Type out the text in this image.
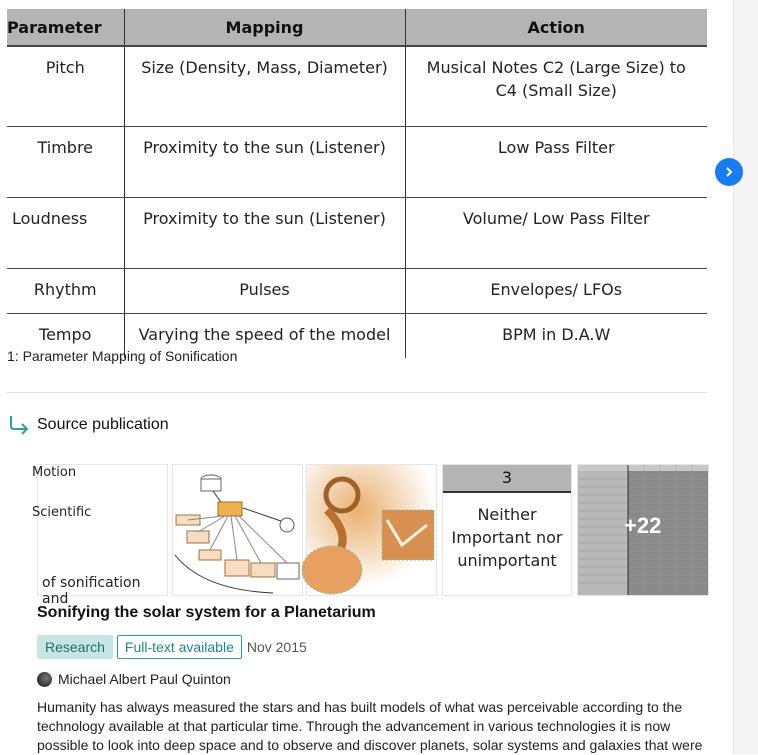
Parameter	Mapping	Action
Pitch	Size (Density, Mass, Diameter)	Musical Notes C2 (Large Size) to C4 (Small Size)
Timbre	Proximity to the sun (Listener)	Low Pass Filter
Loudness	Proximity to the sun (Listener)	Volume/ Low Pass Filter
Rhythm	Pulses	Envelopes/ LFOs
Tempo	Varying the speed of the model	BPM in D.A.W
1: Parameter Mapping of Sonification
Source publication
Motion
Scientific
of sonification and
3
Neither Important nor unimportant
+22
Sonifying the solar system for a Planetarium
Research	Full-text available Nov 2015
Michael Albert Paul Quinton
Humanity has always measured the stars and has built models of what was perceivable according to the technology available at that particular time. Through the advancement in various technologies it is now possible to look into deep space and to observe and discover planets, solar systems and galaxies that were
